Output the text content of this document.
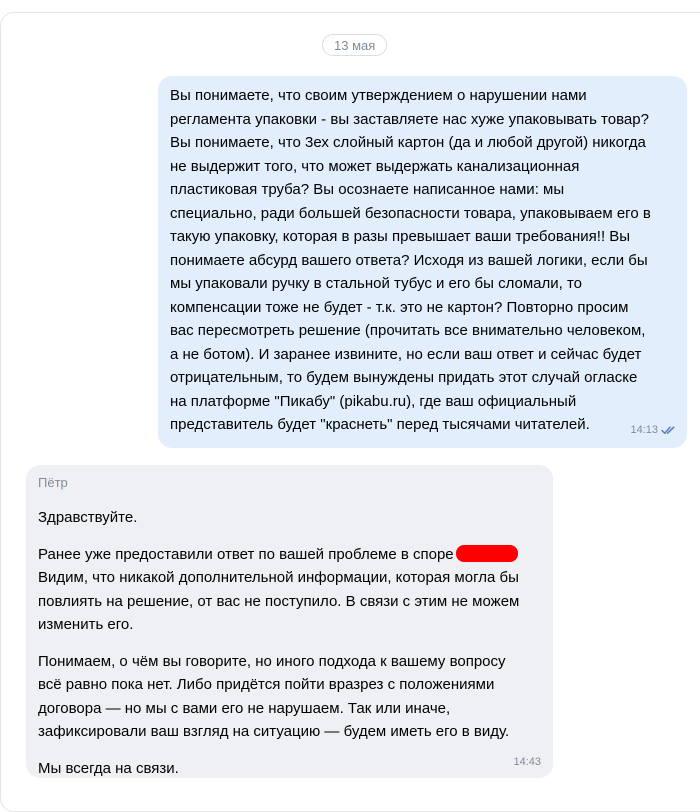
13 мая
Вы понимаете, что своим утверждением о нарушении нами
регламента упаковки - вы заставляете нас хуже упаковывать товар?
Вы понимаете, что 3ех слойный картон (да и любой другой) никогда
не выдержит того, что может выдержать канализационная
пластиковая труба? Вы осознаете написанное нами: мы
специально, ради большей безопасности товара, упаковываем его в
такую упаковку, которая в разы превышает ваши требования!! Вы
понимаете абсурд вашего ответа? Исходя из вашей логики, если бы
мы упаковали ручку в стальной тубус и его бы сломали, то
компенсации тоже не будет - т.к. это не картон? Повторно просим
вас пересмотреть решение (прочитать все внимательно человеком,
а не ботом). И заранее извините, но если ваш ответ и сейчас будет
отрицательным, то будем вынуждены придать этот случай огласке
на платформе "Пикабу" (pikabu.ru), где ваш официальный
представитель будет "краснеть" перед тысячами читателей.	14:13
Пётр
Здравствуйте.
Ранее уже предоставили ответ по вашей проблеме в споре
Видим, что никакой дополнительной информации, которая могла бы
повлиять на решение, от вас не поступило. В связи с этим не можем
изменить его.
Понимаем, о чём вы говорите, но иного подхода к вашему вопросу
всё равно пока нет. Либо придётся пойти вразрез с положениями
договора — но мы с вами его не нарушаем. Так или иначе,
зафиксировали ваш взгляд на ситуацию — будем иметь его в виду.
Мы всегда на связи.	14:43
